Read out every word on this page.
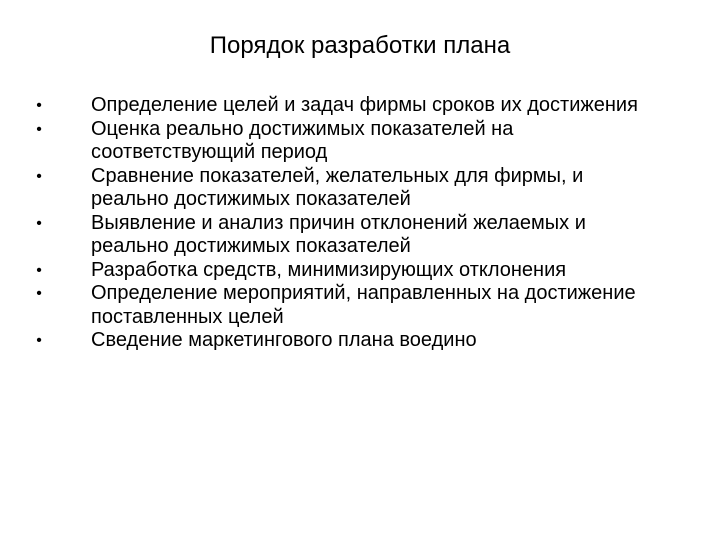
Порядок разработки плана
•	Определение целей и задач фирмы сроков их достижения
•	Оценка реально достижимых показателей на соответствующий период
•	Сравнение показателей, желательных для фирмы, и реально достижимых показателей
•	Выявление и анализ причин отклонений желаемых и реально достижимых показателей
•	Разработка средств, минимизирующих отклонения
•	Определение мероприятий, направленных на достижение поставленных целей
•	Сведение маркетингового плана воедино
